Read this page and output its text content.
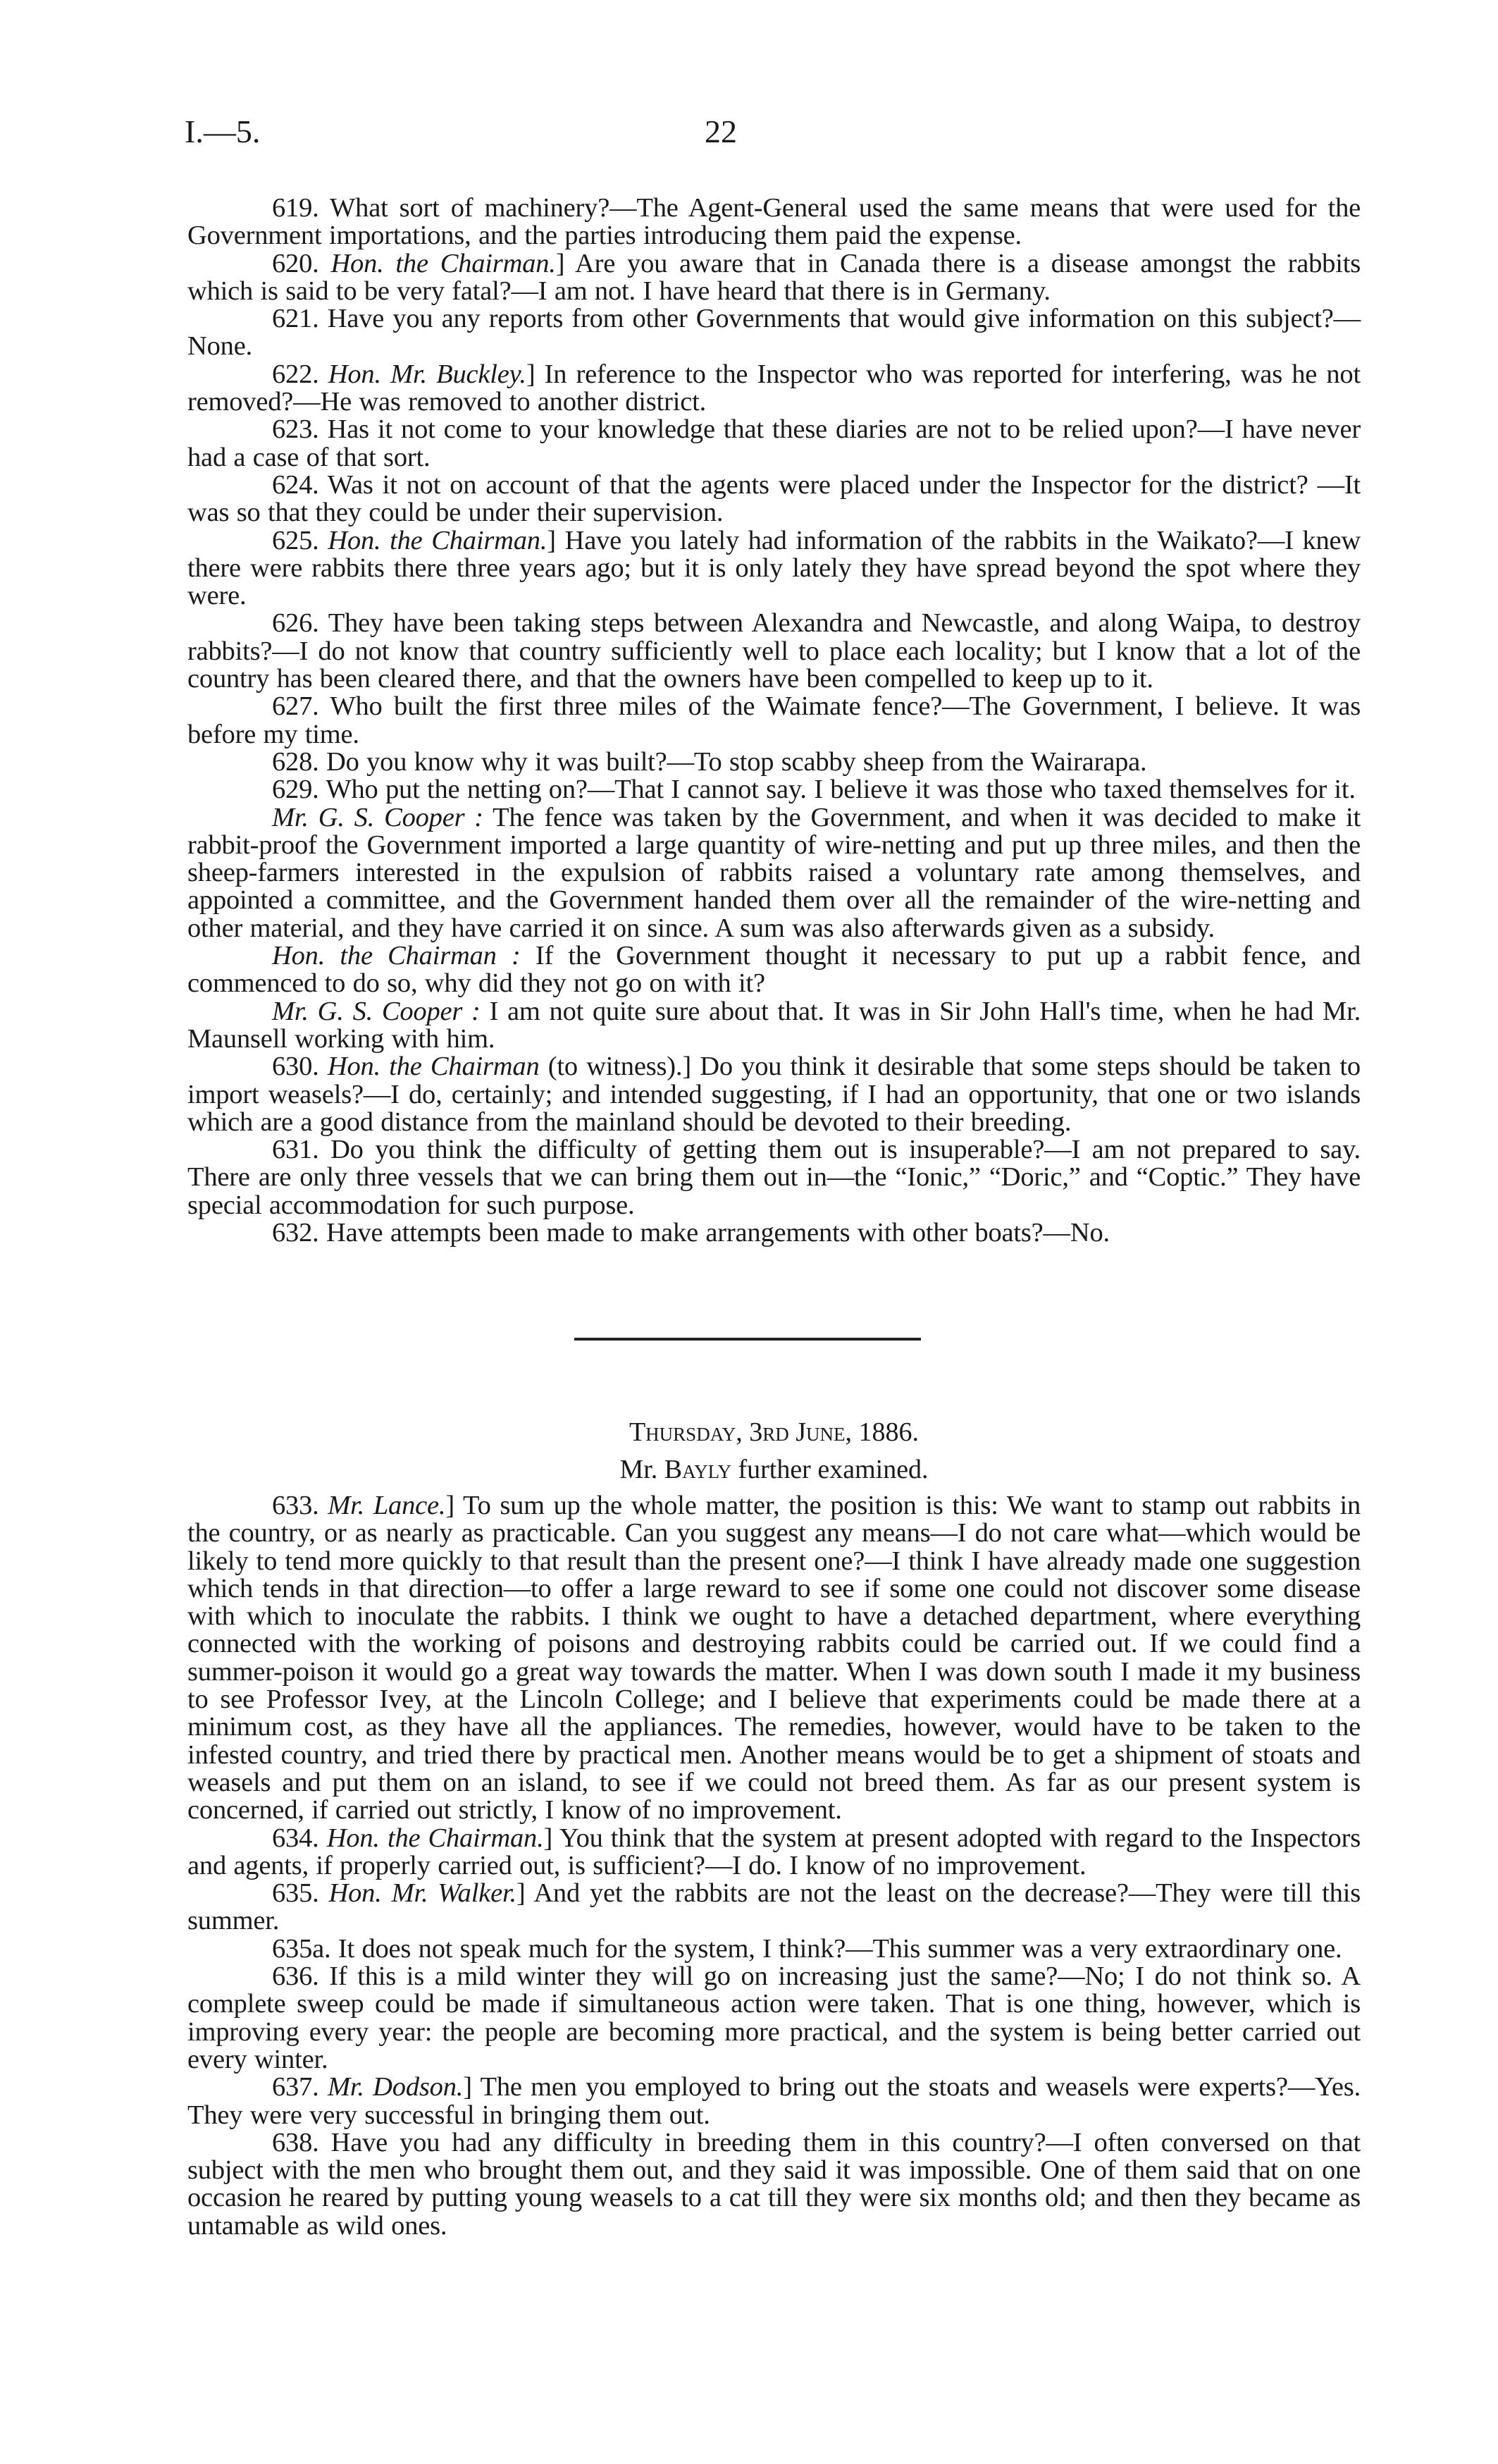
I.—5.	22

619. What sort of machinery?—The Agent-General used the same means that were used for the Government importations, and the parties introducing them paid the expense.

620. Hon. the Chairman.] Are you aware that in Canada there is a disease amongst the rabbits which is said to be very fatal?—I am not. I have heard that there is in Germany.

621. Have you any reports from other Governments that would give information on this subject?—None.

622. Hon. Mr. Buckley.] In reference to the Inspector who was reported for interfering, was he not removed?—He was removed to another district.

623. Has it not come to your knowledge that these diaries are not to be relied upon?—I have never had a case of that sort.

624. Was it not on account of that the agents were placed under the Inspector for the district? —It was so that they could be under their supervision.

625. Hon. the Chairman.] Have you lately had information of the rabbits in the Waikato?—I knew there were rabbits there three years ago; but it is only lately they have spread beyond the spot where they were.

626. They have been taking steps between Alexandra and Newcastle, and along Waipa, to destroy rabbits?—I do not know that country sufficiently well to place each locality; but I know that a lot of the country has been cleared there, and that the owners have been compelled to keep up to it.

627. Who built the first three miles of the Waimate fence?—The Government, I believe. It was before my time.

628. Do you know why it was built?—To stop scabby sheep from the Wairarapa.

629. Who put the netting on?—That I cannot say. I believe it was those who taxed themselves for it.

Mr. G. S. Cooper : The fence was taken by the Government, and when it was decided to make it rabbit-proof the Government imported a large quantity of wire-netting and put up three miles, and then the sheep-farmers interested in the expulsion of rabbits raised a voluntary rate among themselves, and appointed a committee, and the Government handed them over all the remainder of the wire-netting and other material, and they have carried it on since. A sum was also afterwards given as a subsidy.

Hon. the Chairman : If the Government thought it necessary to put up a rabbit fence, and commenced to do so, why did they not go on with it?

Mr. G. S. Cooper : I am not quite sure about that. It was in Sir John Hall's time, when he had Mr. Maunsell working with him.

630. Hon. the Chairman (to witness).] Do you think it desirable that some steps should be taken to import weasels?—I do, certainly; and intended suggesting, if I had an opportunity, that one or two islands which are a good distance from the mainland should be devoted to their breeding.

631. Do you think the difficulty of getting them out is insuperable?—I am not prepared to say. There are only three vessels that we can bring them out in—the “Ionic,” “Doric,” and “Coptic.” They have special accommodation for such purpose.

632. Have attempts been made to make arrangements with other boats?—No.

Thursday, 3rd June, 1886.
Mr. Bayly further examined.

633. Mr. Lance.] To sum up the whole matter, the position is this: We want to stamp out rabbits in the country, or as nearly as practicable. Can you suggest any means—I do not care what—which would be likely to tend more quickly to that result than the present one?—I think I have already made one suggestion which tends in that direction—to offer a large reward to see if some one could not discover some disease with which to inoculate the rabbits. I think we ought to have a detached department, where everything connected with the working of poisons and destroying rabbits could be carried out. If we could find a summer-poison it would go a great way towards the matter. When I was down south I made it my business to see Professor Ivey, at the Lincoln College; and I believe that experiments could be made there at a minimum cost, as they have all the appliances. The remedies, however, would have to be taken to the infested country, and tried there by practical men. Another means would be to get a shipment of stoats and weasels and put them on an island, to see if we could not breed them. As far as our present system is concerned, if carried out strictly, I know of no improvement.

634. Hon. the Chairman.] You think that the system at present adopted with regard to the Inspectors and agents, if properly carried out, is sufficient?—I do. I know of no improvement.

635. Hon. Mr. Walker.] And yet the rabbits are not the least on the decrease?—They were till this summer.

635a. It does not speak much for the system, I think?—This summer was a very extraordinary one.

636. If this is a mild winter they will go on increasing just the same?—No; I do not think so. A complete sweep could be made if simultaneous action were taken. That is one thing, however, which is improving every year: the people are becoming more practical, and the system is being better carried out every winter.

637. Mr. Dodson.] The men you employed to bring out the stoats and weasels were experts?—Yes. They were very successful in bringing them out.

638. Have you had any difficulty in breeding them in this country?—I often conversed on that subject with the men who brought them out, and they said it was impossible. One of them said that on one occasion he reared by putting young weasels to a cat till they were six months old; and then they became as untamable as wild ones.
